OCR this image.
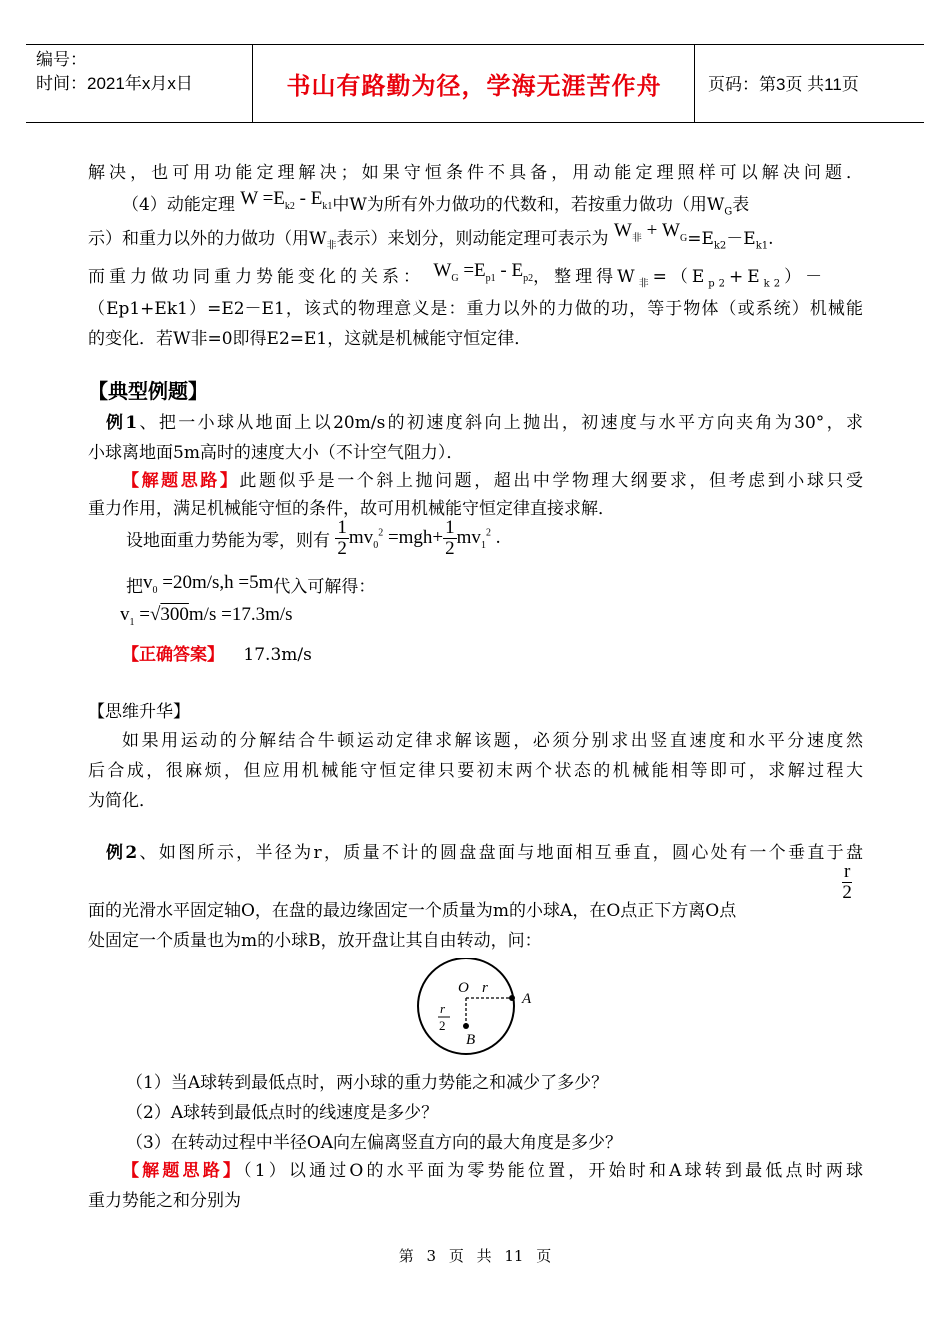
编号：
时间：2021年x月x日	书山有路勤为径，学海无涯苦作舟	页码：第3页 共11页
解决，也可用功能定理解决；如果守恒条件不具备，用动能定理照样可以解决问题．
（4）动能定理 $W =E_{k2} - E_{k1}$中W为所有外力做功的代数和，若按重力做功（用$W_G$表
示）和重力以外的力做功（用$W_非$表示）来划分，则动能定理可表示为 $W_非 + W_G=E_{k2}-E_{k1}$.
而重力做功同重力势能变化的关系： $W_G =E_{p1} - E_{p2}$，整理得$W_非=(E_{p2}+E_{k2})-$
（Ep1+Ek1）=E2－E1，该式的物理意义是：重力以外的力做的功，等于物体（或系统）机械能
的变化．若W非=0即得E2=E1，这就是机械能守恒定律．
【典型例题】
例1、把一小球从地面上以20m/s的初速度斜向上抛出，初速度与水平方向夹角为30°，求
小球离地面5m高时的速度大小（不计空气阻力）．
【解题思路】此题似乎是一个斜上抛问题，超出中学物理大纲要求，但考虑到小球只受
重力作用，满足机械能守恒的条件，故可用机械能守恒定律直接求解．
设地面重力势能为零，则有 $\frac{1}{2} mv_0^2 =mgh+ \frac{1}{2} mv_1^2$ .
把$v_0 =20m/s,h =5m$代入可解得：
$v_1 =√300m/s =17.3m/s$
【正确答案】 17.3m/s
【思维升华】
如果用运动的分解结合牛顿运动定律求解该题，必须分别求出竖直速度和水平分速度然
后合成，很麻烦，但应用机械能守恒定律只要初末两个状态的机械能相等即可，求解过程大
为简化．
例2、如图所示，半径为r，质量不计的圆盘盘面与地面相互垂直，圆心处有一个垂直于盘
$\frac{r}{2}$
面的光滑水平固定轴O，在盘的最边缘固定一个质量为m的小球A，在O点正下方离O点
处固定一个质量也为m的小球B，放开盘让其自由转动，问：
O r
A
B
r
2
（1）当A球转到最低点时，两小球的重力势能之和减少了多少？
（2）A球转到最低点时的线速度是多少？
（3）在转动过程中半径OA向左偏离竖直方向的最大角度是多少？
【解题思路】（1）以通过O的水平面为零势能位置，开始时和A球转到最低点时两球
重力势能之和分别为
第 3 页 共 11 页
